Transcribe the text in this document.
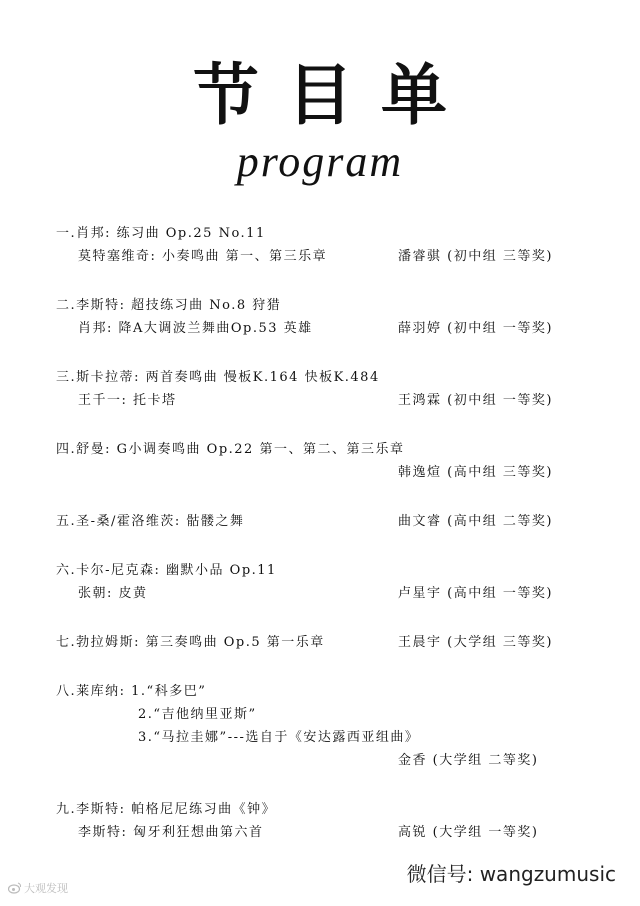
节目单
program
一.肖邦: 练习曲 Op.25 No.11
莫特塞维奇: 小奏鸣曲 第一、第三乐章	潘睿骐 (初中组 三等奖)
二.李斯特: 超技练习曲 No.8 狩猎
肖邦: 降A大调波兰舞曲Op.53 英雄	薛羽婷 (初中组 一等奖)
三.斯卡拉蒂: 两首奏鸣曲 慢板K.164 快板K.484
王千一: 托卡塔	王鸿霖 (初中组 一等奖)
四.舒曼: G小调奏鸣曲 Op.22 第一、第二、第三乐章
韩逸煊 (高中组 三等奖)
五.圣-桑/霍洛维茨: 骷髅之舞	曲文睿 (高中组 二等奖)
六.卡尔-尼克森: 幽默小品 Op.11
张朝: 皮黄	卢星宇 (高中组 一等奖)
七.勃拉姆斯: 第三奏鸣曲 Op.5 第一乐章	王晨宇 (大学组 三等奖)
八.莱库纳: 1.“科多巴”
2.“吉他纳里亚斯”
3.“马拉圭娜”---选自于《安达露西亚组曲》
金香 (大学组 二等奖)
九.李斯特: 帕格尼尼练习曲《钟》
李斯特: 匈牙利狂想曲第六首	高锐 (大学组 一等奖)
微信号: wangzumusic
大观发现
